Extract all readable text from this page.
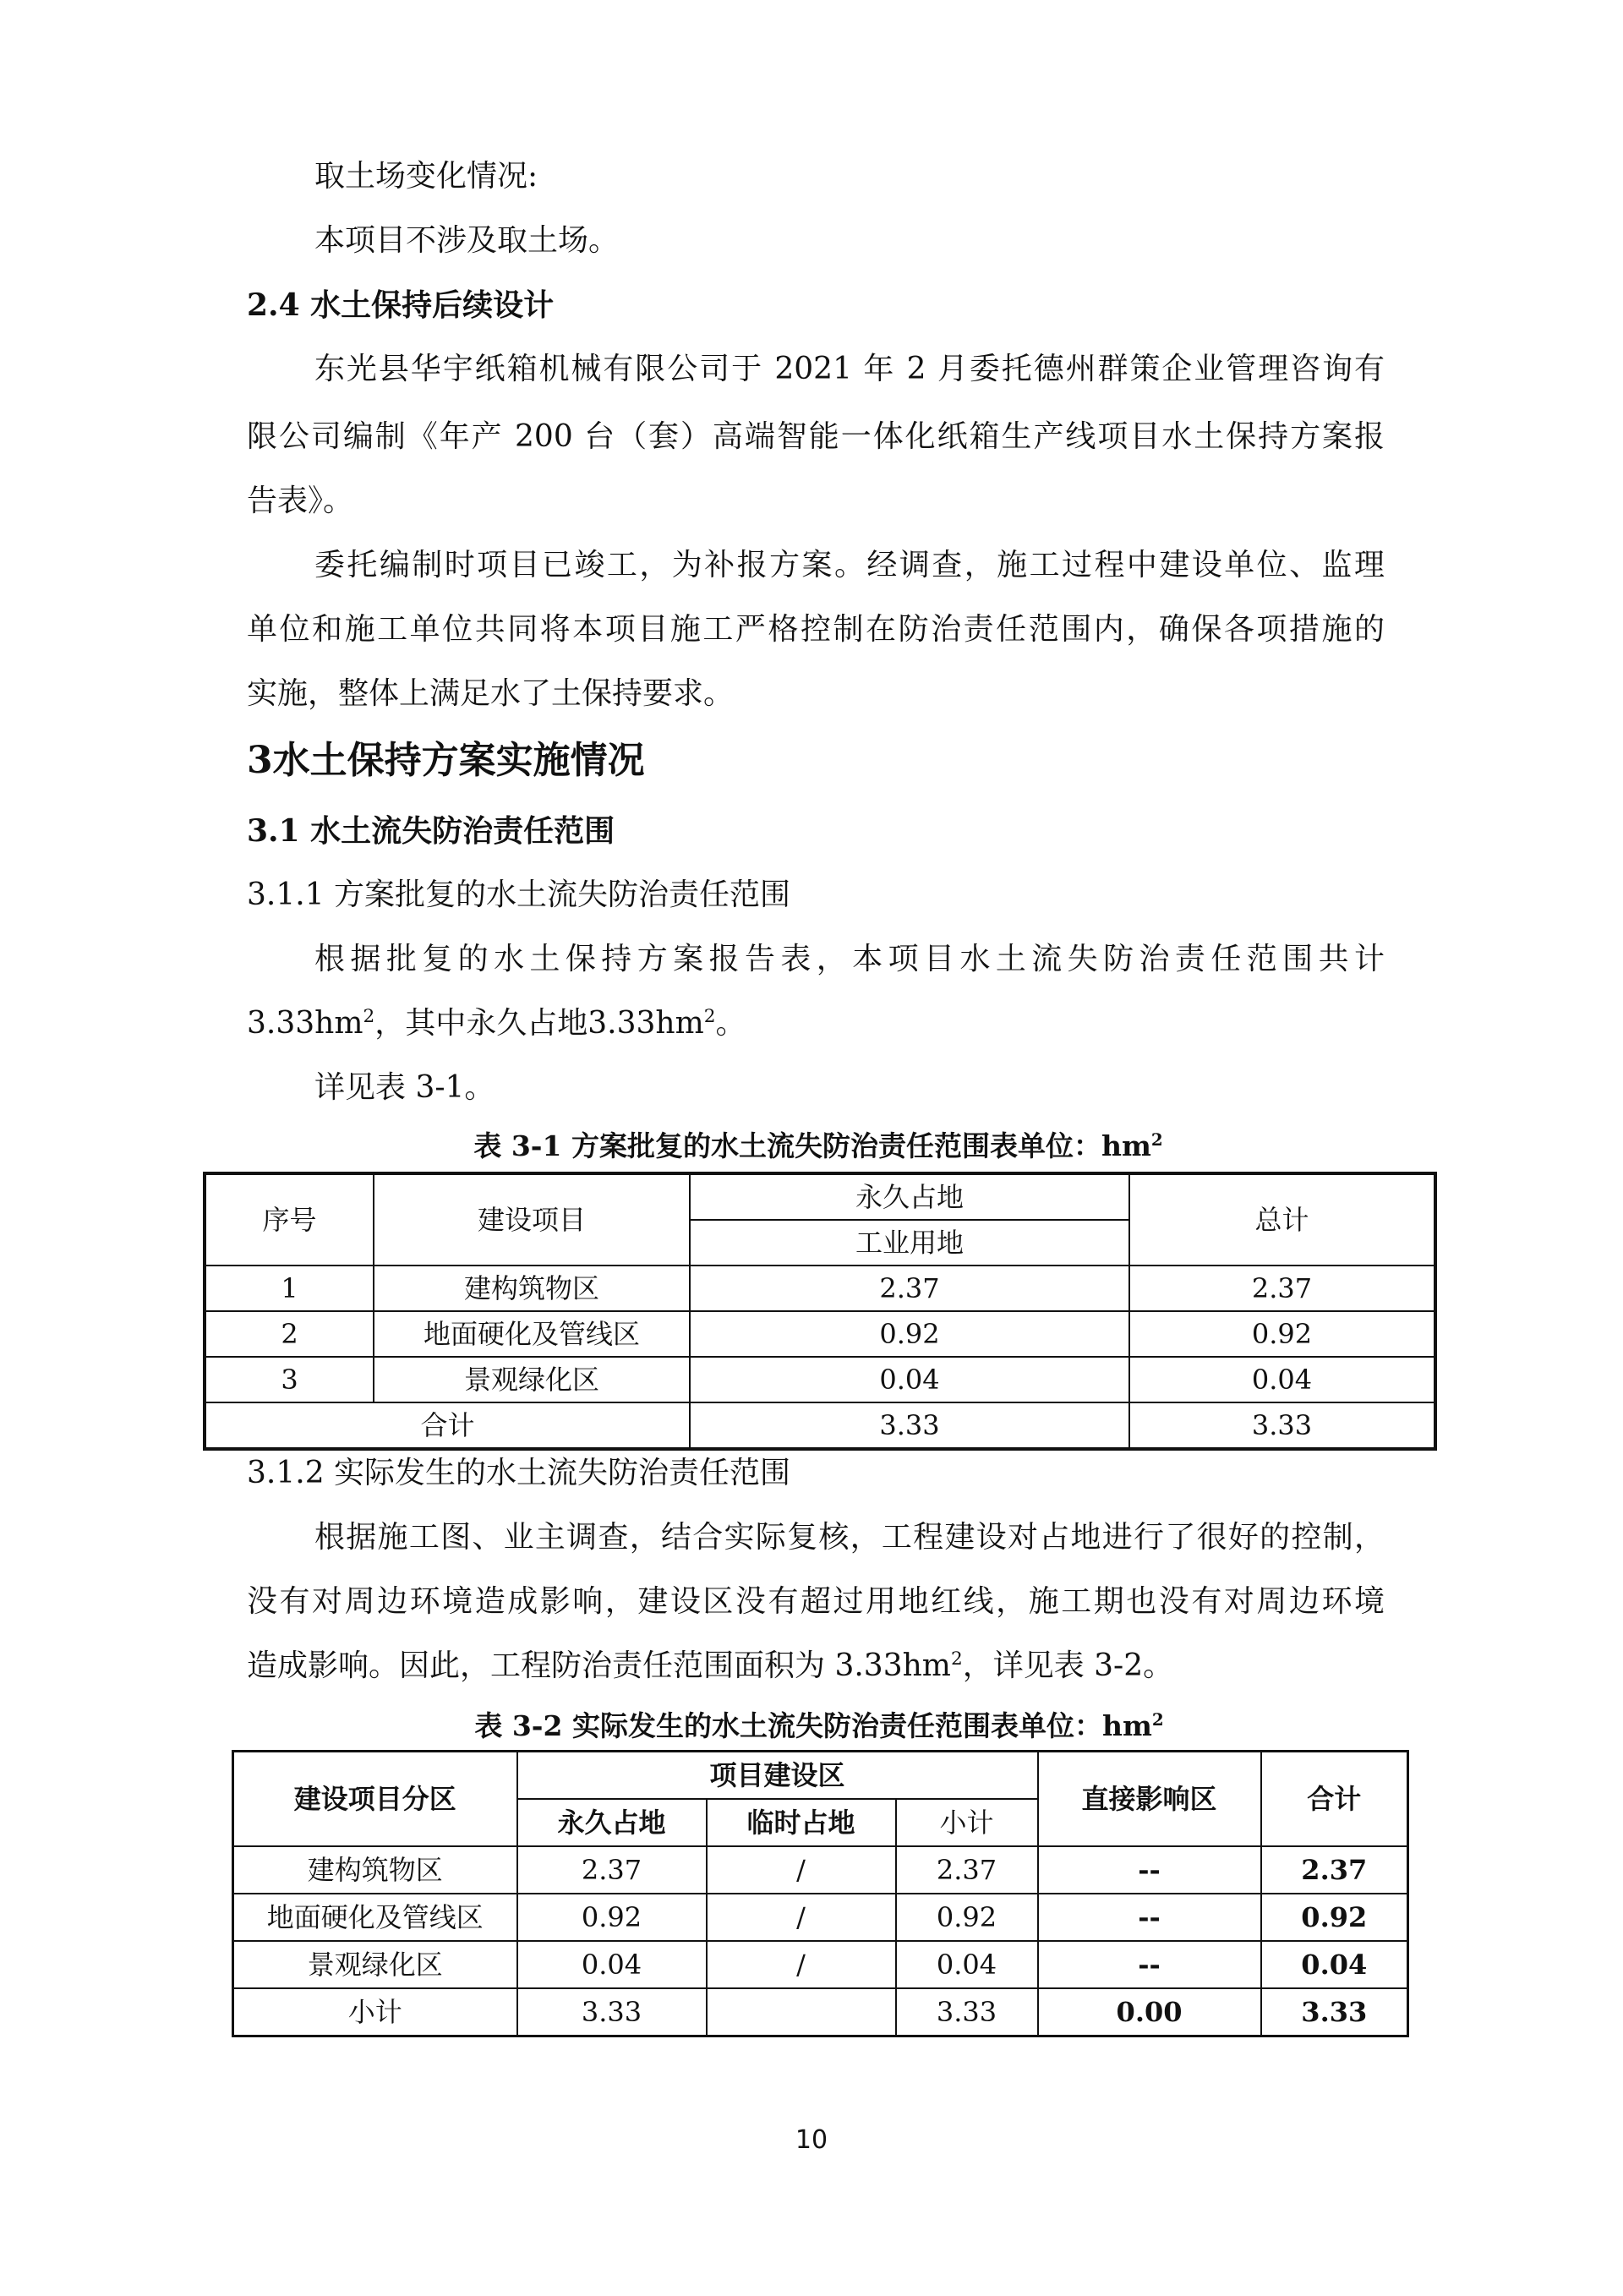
取土场变化情况:

本项目不涉及取土场。

2.4 水土保持后续设计

东光县华宇纸箱机械有限公司于 2021 年 2 月委托德州群策企业管理咨询有

限公司编制《年产 200 台（套）高端智能一体化纸箱生产线项目水土保持方案报

告表》。

委托编制时项目已竣工，为补报方案。经调查，施工过程中建设单位、监理

单位和施工单位共同将本项目施工严格控制在防治责任范围内，确保各项措施的

实施，整体上满足水了土保持要求。

3水土保持方案实施情况

3.1 水土流失防治责任范围

3.1.1 方案批复的水土流失防治责任范围

根据批复的水土保持方案报告表，本项目水土流失防治责任范围共计

$3.33hm^2$，其中永久占地$3.33hm^2$。

详见表 3-1。

表 3-1 方案批复的水土流失防治责任范围表单位：$hm^2$

序号	建设项目	永久占地	总计
		工业用地	
1	建构筑物区	2.37	2.37
2	地面硬化及管线区	0.92	0.92
3	景观绿化区	0.04	0.04
合计		3.33	3.33

3.1.2 实际发生的水土流失防治责任范围

根据施工图、业主调查，结合实际复核，工程建设对占地进行了很好的控制，

没有对周边环境造成影响，建设区没有超过用地红线，施工期也没有对周边环境

造成影响。因此，工程防治责任范围面积为 $3.33hm^2$，详见表 3-2。

表 3-2 实际发生的水土流失防治责任范围表单位：$hm^2$

建设项目分区	项目建设区			直接影响区	合计
	永久占地	临时占地	小计		
建构筑物区	2.37	/	2.37	--	2.37
地面硬化及管线区	0.92	/	0.92	--	0.92
景观绿化区	0.04	/	0.04	--	0.04
小计	3.33		3.33	0.00	3.33

10
